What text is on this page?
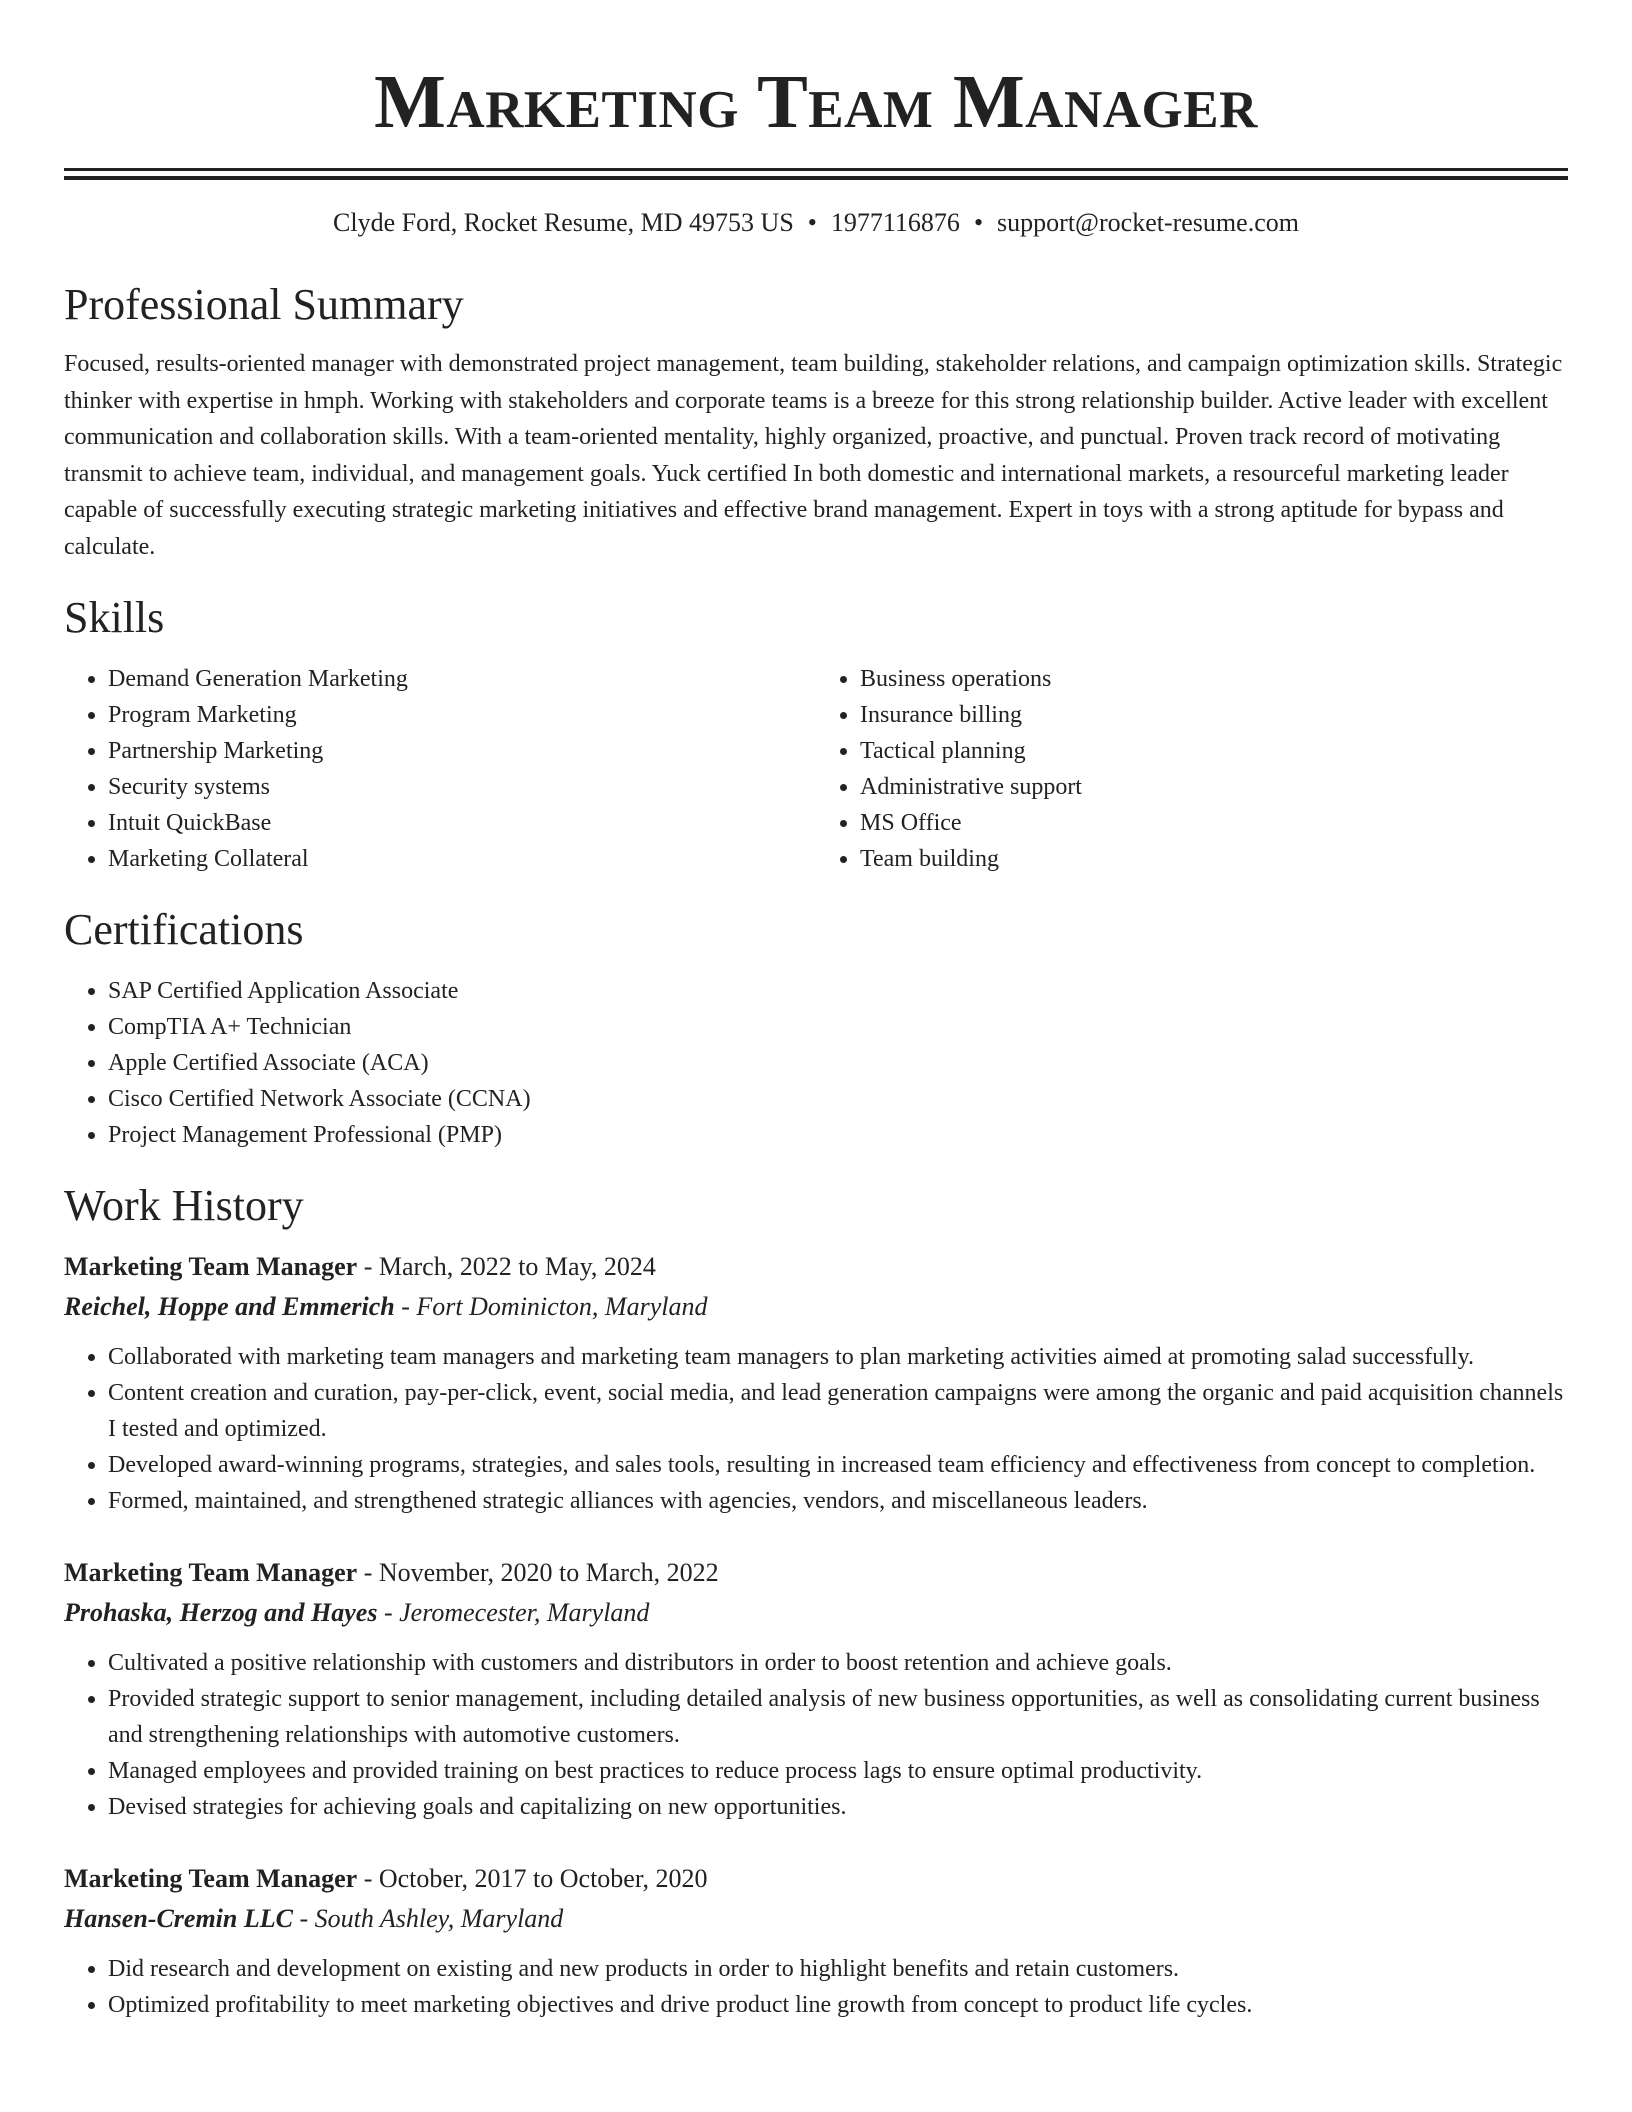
Marketing Team Manager
Clyde Ford, Rocket Resume, MD 49753 US • 1977116876 • support@rocket-resume.com
Professional Summary
Focused, results-oriented manager with demonstrated project management, team building, stakeholder relations, and campaign optimization skills. Strategic thinker with expertise in hmph. Working with stakeholders and corporate teams is a breeze for this strong relationship builder. Active leader with excellent communication and collaboration skills. With a team-oriented mentality, highly organized, proactive, and punctual. Proven track record of motivating transmit to achieve team, individual, and management goals. Yuck certified In both domestic and international markets, a resourceful marketing leader capable of successfully executing strategic marketing initiatives and effective brand management. Expert in toys with a strong aptitude for bypass and calculate.
Skills
• Demand Generation Marketing
• Program Marketing
• Partnership Marketing
• Security systems
• Intuit QuickBase
• Marketing Collateral
• Business operations
• Insurance billing
• Tactical planning
• Administrative support
• MS Office
• Team building
Certifications
• SAP Certified Application Associate
• CompTIA A+ Technician
• Apple Certified Associate (ACA)
• Cisco Certified Network Associate (CCNA)
• Project Management Professional (PMP)
Work History
Marketing Team Manager - March, 2022 to May, 2024
Reichel, Hoppe and Emmerich - Fort Dominicton, Maryland
• Collaborated with marketing team managers and marketing team managers to plan marketing activities aimed at promoting salad successfully.
• Content creation and curation, pay-per-click, event, social media, and lead generation campaigns were among the organic and paid acquisition channels I tested and optimized.
• Developed award-winning programs, strategies, and sales tools, resulting in increased team efficiency and effectiveness from concept to completion.
• Formed, maintained, and strengthened strategic alliances with agencies, vendors, and miscellaneous leaders.
Marketing Team Manager - November, 2020 to March, 2022
Prohaska, Herzog and Hayes - Jeromecester, Maryland
• Cultivated a positive relationship with customers and distributors in order to boost retention and achieve goals.
• Provided strategic support to senior management, including detailed analysis of new business opportunities, as well as consolidating current business and strengthening relationships with automotive customers.
• Managed employees and provided training on best practices to reduce process lags to ensure optimal productivity.
• Devised strategies for achieving goals and capitalizing on new opportunities.
Marketing Team Manager - October, 2017 to October, 2020
Hansen-Cremin LLC - South Ashley, Maryland
• Did research and development on existing and new products in order to highlight benefits and retain customers.
• Optimized profitability to meet marketing objectives and drive product line growth from concept to product life cycles.
